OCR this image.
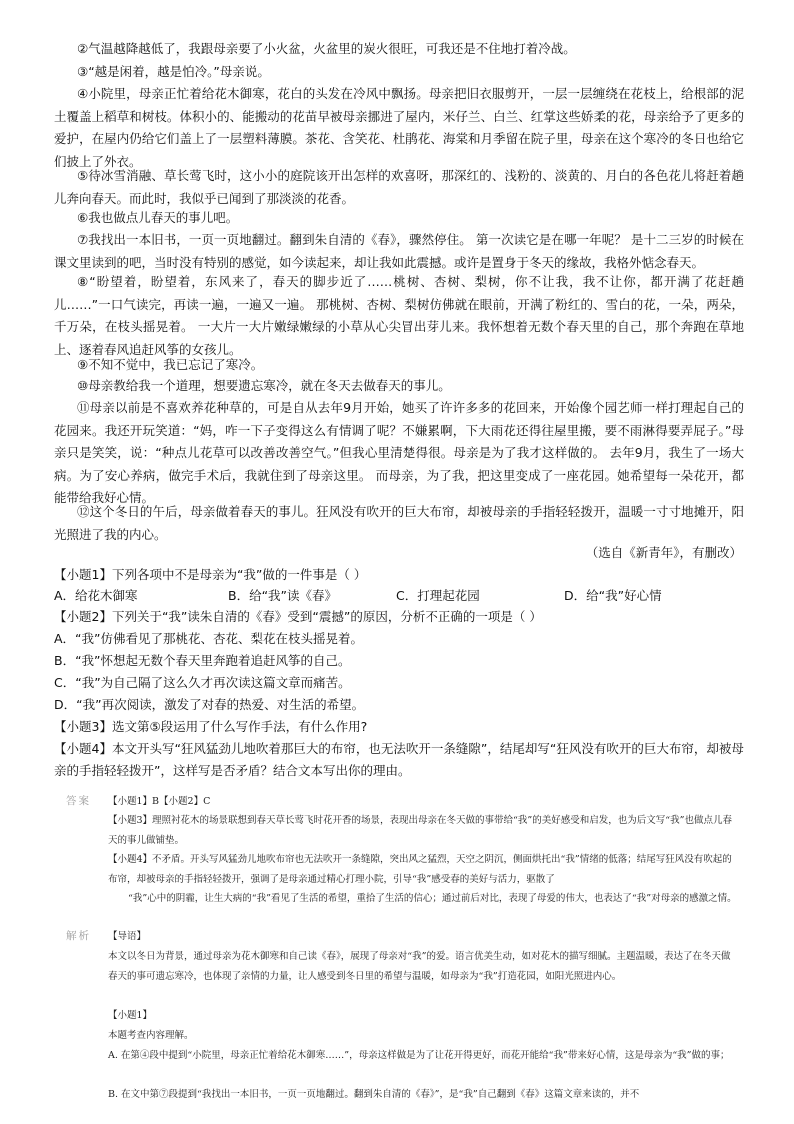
②气温越降越低了，我跟母亲要了小火盆，火盆里的炭火很旺，可我还是不住地打着冷战。

③“越是闲着，越是怕冷。”母亲说。

④小院里，母亲正忙着给花木御寒，花白的头发在冷风中飘扬。母亲把旧衣服剪开，一层一层缠绕在花枝上，给根部的泥土覆盖上稻草和树枝。体积小的、能搬动的花苗早被母亲挪进了屋内，米仔兰、白兰、红掌这些娇柔的花，母亲给予了更多的爱护，在屋内仍给它们盖上了一层塑料薄膜。茶花、含笑花、杜鹃花、海棠和月季留在院子里，母亲在这个寒冷的冬日也给它们披上了外衣。

⑤待冰雪消融、草长莺飞时，这小小的庭院该开出怎样的欢喜呀，那深红的、浅粉的、淡黄的、月白的各色花儿将赶着趟儿奔向春天。而此时，我似乎已闻到了那淡淡的花香。

⑥我也做点儿春天的事儿吧。

⑦我找出一本旧书，一页一页地翻过。翻到朱自清的《春》，骤然停住。 第一次读它是在哪一年呢？ 是十二三岁的时候在课文里读到的吧，当时没有特别的感觉，如今读起来，却让我如此震撼。或许是置身于冬天的缘故，我格外惦念春天。

⑧“盼望着，盼望着，东风来了，春天的脚步近了……桃树、杏树、梨树，你不让我，我不让你，都开满了花赶趟儿……”一口气读完，再读一遍，一遍又一遍。 那桃树、杏树、梨树仿佛就在眼前，开满了粉红的、雪白的花，一朵，两朵，千万朵，在枝头摇晃着。 一大片一大片嫩绿嫩绿的小草从心尖冒出芽儿来。我怀想着无数个春天里的自己，那个奔跑在草地上、逐着春风追赶风筝的女孩儿。

⑨不知不觉中，我已忘记了寒冷。

⑩母亲教给我一个道理，想要遗忘寒冷，就在冬天去做春天的事儿。

⑪母亲以前是不喜欢养花种草的，可是自从去年9月开始，她买了许许多多的花回来，开始像个园艺师一样打理起自己的花园来。我还开玩笑道：“妈，咋一下子变得这么有情调了呢？不嫌累啊，下大雨花还得往屋里搬，要不雨淋得要弄屁子。”母亲只是笑笑，说：“种点儿花草可以改善改善空气。”但我心里清楚得很。母亲是为了我才这样做的。 去年9月，我生了一场大病。为了安心养病，做完手术后，我就住到了母亲这里。 而母亲，为了我，把这里变成了一座花园。她希望每一朵花开，都能带给我好心情。

⑫这个冬日的午后，母亲做着春天的事儿。狂风没有吹开的巨大布帘，却被母亲的手指轻轻拨开，温暖一寸寸地摊开，阳光照进了我的内心。

（选自《新青年》，有删改）

【小题1】下列各项中不是母亲为“我”做的一件事是（ ）

A．给花木御寒	B．给“我”读《春》	C．打理起花园	D．给“我”好心情

【小题2】下列关于“我”读朱自清的《春》受到“震撼”的原因，分析不正确的一项是（ ）

A．“我”仿佛看见了那桃花、杏花、梨花在枝头摇晃着。

B．“我”怀想起无数个春天里奔跑着追赶风筝的自己。

C．“我”为自己隔了这么久才再次读这篇文章而痛苦。

D．“我”再次阅读，激发了对春的热爱、对生活的希望。

【小题3】选文第⑤段运用了什么写作手法，有什么作用?

【小题4】本文开头写“狂风猛劲儿地吹着那巨大的布帘，也无法吹开一条缝隙”，结尾却写“狂风没有吹开的巨大布帘，却被母亲的手指轻轻拨开”，这样写是否矛盾？结合文本写出你的理由。

答案 【小题1】B【小题2】C

【小题3】理照衬花木的场景联想到春天草长莺飞时花开香的场景，表现出母亲在冬天做的事带给“我”的美好感受和启发，也为后文写“我”也做点儿春天的事儿做铺垫。

【小题4】不矛盾。开头写风猛劲儿地吹布帘也无法吹开一条缝隙，突出风之猛烈，天空之阴沉，侧面烘托出“我”情绪的低落；结尾写狂风没有吹起的布帘，却被母亲的手指轻轻拨开，强调了是母亲通过精心打理小院，引导“我”感受春的美好与活力，驱散了

“我”心中的阴霾，让生大病的“我”看见了生活的希望，重拾了生活的信心；通过前后对比，表现了母爱的伟大，也表达了“我”对母亲的感激之情。

解析 【导语】

本文以冬日为背景，通过母亲为花木御寒和自己读《春》，展现了母亲对“我”的爱。语言优美生动，如对花木的描写细腻。主题温暖，表达了在冬天做春天的事可遗忘寒冷，也体现了亲情的力量，让人感受到冬日里的希望与温暖，如母亲为“我”打造花园，如阳光照进内心。

【小题1】

本题考查内容理解。

A. 在第④段中提到“小院里，母亲正忙着给花木御寒……”，母亲这样做是为了让花开得更好，而花开能给“我”带来好心情，这是母亲为“我”做的事；

B. 在文中第⑦段提到“我找出一本旧书，一页一页地翻过。翻到朱自清的《春》”，是“我”自己翻到《春》这篇文章来读的，并不
